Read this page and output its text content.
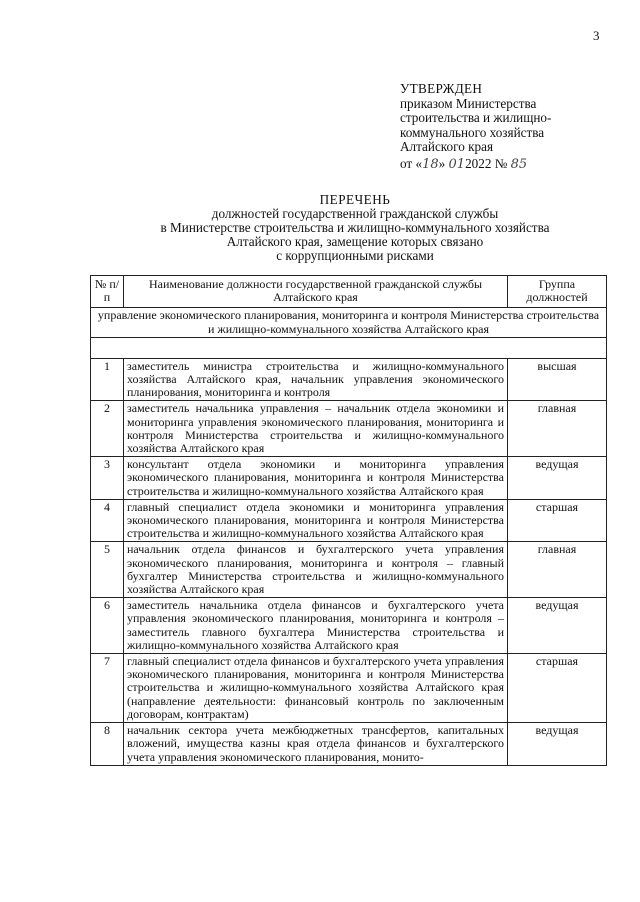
3
УТВЕРЖДЕН
приказом Министерства
строительства и жилищно-
коммунального хозяйства
Алтайского края
от «18» 012022 № 85
ПЕРЕЧЕНЬ
должностей государственной гражданской службы
в Министерстве строительства и жилищно-коммунального хозяйства
Алтайского края, замещение которых связано
с коррупционными рисками
№ п/п	Наименование должности государственной гражданской службы Алтайского края	Группа должностей
управление экономического планирования, мониторинга и контроля Министерства строительства и жилищно-коммунального хозяйства Алтайского края		

1	заместитель министра строительства и жилищно-коммунального хозяйства Алтайского края, начальник управления экономического планирования, мониторинга и контроля	высшая
2	заместитель начальника управления – начальник отдела экономики и мониторинга управления экономического планирования, мониторинга и контроля Министерства строительства и жилищно-коммунального хозяйства Алтайского края	главная
3	консультант отдела экономики и мониторинга управления экономического планирования, мониторинга и контроля Министерства строительства и жилищно-коммунального хозяйства Алтайского края	ведущая
4	главный специалист отдела экономики и мониторинга управления экономического планирования, мониторинга и контроля Министерства строительства и жилищно-коммунального хозяйства Алтайского края	старшая
5	начальник отдела финансов и бухгалтерского учета управления экономического планирования, мониторинга и контроля – главный бухгалтер Министерства строительства и жилищно-коммунального хозяйства Алтайского края	главная
6	заместитель начальника отдела финансов и бухгалтерского учета управления экономического планирования, мониторинга и контроля – заместитель главного бухгалтера Министерства строительства и жилищно-коммунального хозяйства Алтайского края	ведущая
7	главный специалист отдела финансов и бухгалтерского учета управления экономического планирования, мониторинга и контроля Министерства строительства и жилищно-коммунального хозяйства Алтайского края (направление деятельности: финансовый контроль по заключенным договорам, контрактам)	старшая
8	начальник сектора учета межбюджетных трансфертов, капитальных вложений, имущества казны края отдела финансов и бухгалтерского учета управления экономического планирования, монито-	ведущая
